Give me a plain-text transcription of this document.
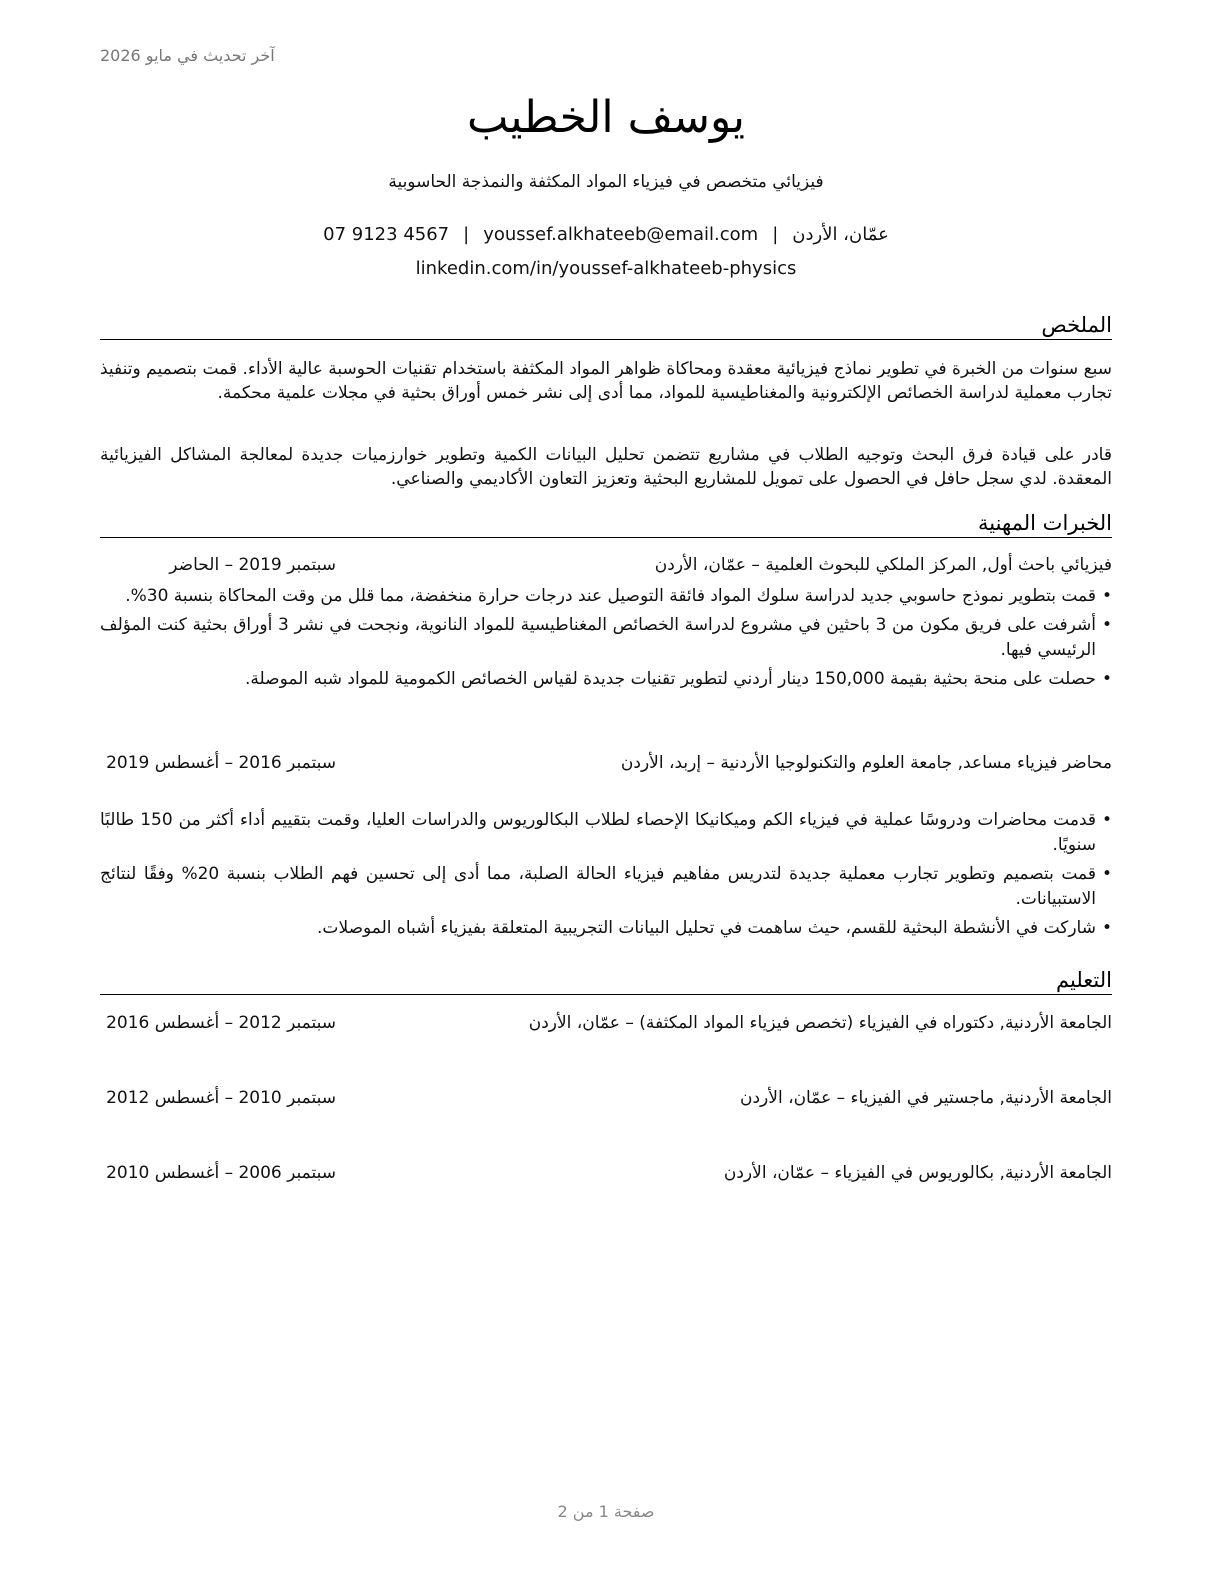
آخر تحديث في مايو 2026
يوسف الخطيب
فيزيائي متخصص في فيزياء المواد المكثفة والنمذجة الحاسوبية
عمّان، الأردن|youssef.alkhateeb@email.com|07 9123 4567
linkedin.com/in/youssef-alkhateeb-physics
الملخص
سبع سنوات من الخبرة في تطوير نماذج فيزيائية معقدة ومحاكاة ظواهر المواد المكثفة باستخدام تقنيات الحوسبة عالية الأداء. قمت بتصميم وتنفيذ تجارب معملية لدراسة الخصائص الإلكترونية والمغناطيسية للمواد، مما أدى إلى نشر خمس أوراق بحثية في مجلات علمية محكمة.
قادر على قيادة فرق البحث وتوجيه الطلاب في مشاريع تتضمن تحليل البيانات الكمية وتطوير خوارزميات جديدة لمعالجة المشاكل الفيزيائية المعقدة. لدي سجل حافل في الحصول على تمويل للمشاريع البحثية وتعزيز التعاون الأكاديمي والصناعي.
الخبرات المهنية
فيزيائي باحث أول, المركز الملكي للبحوث العلمية – عمّان، الأردن
سبتمبر 2019 – الحاضر
• قمت بتطوير نموذج حاسوبي جديد لدراسة سلوك المواد فائقة التوصيل عند درجات حرارة منخفضة، مما قلل من وقت المحاكاة بنسبة 30%.
• أشرفت على فريق مكون من 3 باحثين في مشروع لدراسة الخصائص المغناطيسية للمواد النانوية، ونجحت في نشر 3 أوراق بحثية كنت المؤلف الرئيسي فيها.
• حصلت على منحة بحثية بقيمة 150,000 دينار أردني لتطوير تقنيات جديدة لقياس الخصائص الكمومية للمواد شبه الموصلة.
محاضر فيزياء مساعد, جامعة العلوم والتكنولوجيا الأردنية – إربد، الأردن
سبتمبر 2016 – أغسطس 2019
• قدمت محاضرات ودروسًا عملية في فيزياء الكم وميكانيكا الإحصاء لطلاب البكالوريوس والدراسات العليا، وقمت بتقييم أداء أكثر من 150 طالبًا سنويًا.
• قمت بتصميم وتطوير تجارب معملية جديدة لتدريس مفاهيم فيزياء الحالة الصلبة، مما أدى إلى تحسين فهم الطلاب بنسبة 20% وفقًا لنتائج الاستبيانات.
• شاركت في الأنشطة البحثية للقسم، حيث ساهمت في تحليل البيانات التجريبية المتعلقة بفيزياء أشباه الموصلات.
التعليم
الجامعة الأردنية, دكتوراه في الفيزياء (تخصص فيزياء المواد المكثفة) – عمّان، الأردن
سبتمبر 2012 – أغسطس 2016
الجامعة الأردنية, ماجستير في الفيزياء – عمّان، الأردن
سبتمبر 2010 – أغسطس 2012
الجامعة الأردنية, بكالوريوس في الفيزياء – عمّان، الأردن
سبتمبر 2006 – أغسطس 2010
صفحة 1 من 2
